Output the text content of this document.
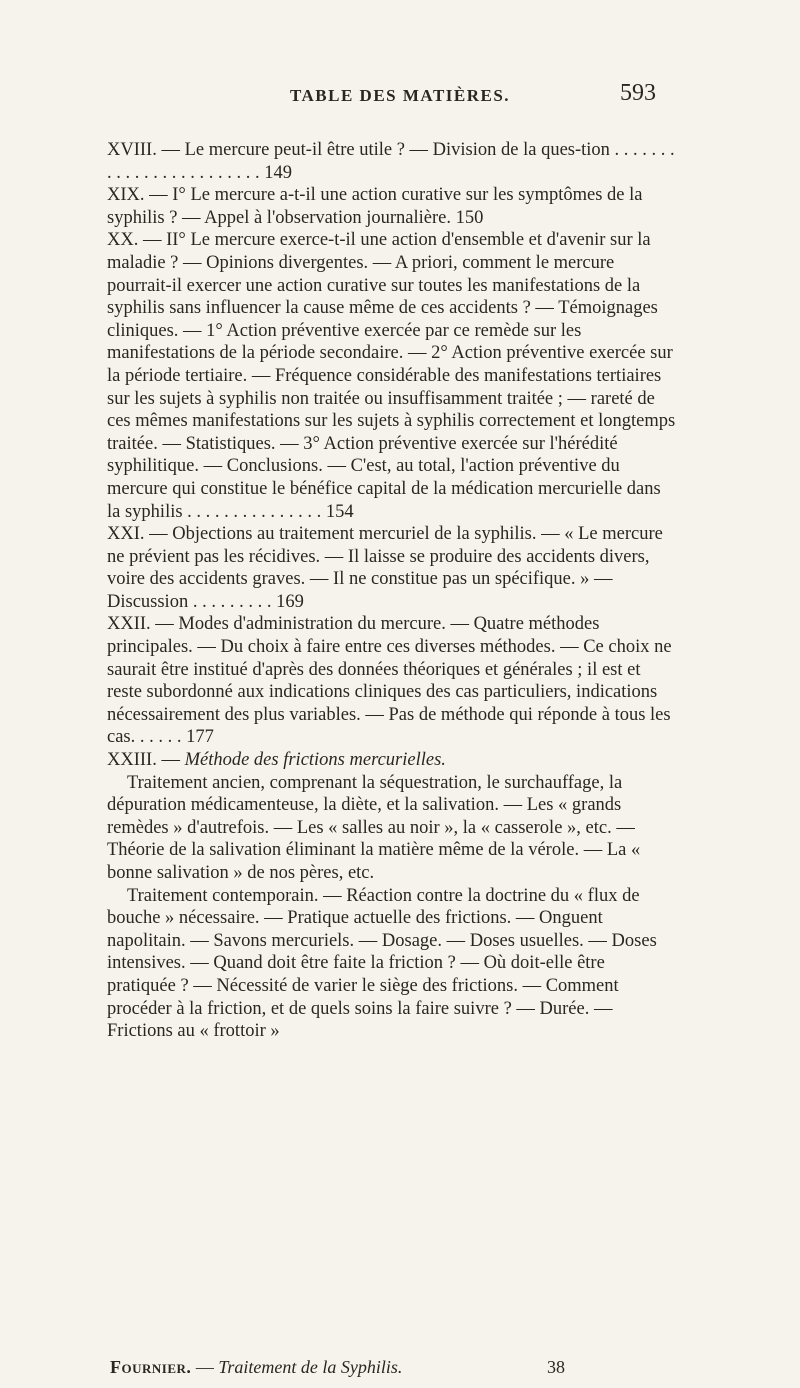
TABLE DES MATIÈRES.	593

XVIII. — Le mercure peut-il être utile ? — Division de la ques-tion . . . . . . . . . . . . . . . . . . . . . . . . 149

XIX. — I° Le mercure a-t-il une action curative sur les symptômes de la syphilis ? — Appel à l'observation journalière. 150

XX. — II° Le mercure exerce-t-il une action d'ensemble et d'avenir sur la maladie ? — Opinions divergentes. — A priori, comment le mercure pourrait-il exercer une action curative sur toutes les manifestations de la syphilis sans influencer la cause même de ces accidents ? — Témoignages cliniques. — 1° Action préventive exercée par ce remède sur les manifestations de la période secondaire. — 2° Action préventive exercée sur la période tertiaire. — Fréquence considérable des manifestations tertiaires sur les sujets à syphilis non traitée ou insuffisamment traitée ; — rareté de ces mêmes manifestations sur les sujets à syphilis correctement et longtemps traitée. — Statistiques. — 3° Action préventive exercée sur l'hérédité syphilitique. — Conclusions. — C'est, au total, l'action préventive du mercure qui constitue le bénéfice capital de la médication mercurielle dans la syphilis . . . . . . . . . . . . . . . 154

XXI. — Objections au traitement mercuriel de la syphilis. — « Le mercure ne prévient pas les récidives. — Il laisse se produire des accidents divers, voire des accidents graves. — Il ne constitue pas un spécifique. » — Discussion . . . . . . . . . 169

XXII. — Modes d'administration du mercure. — Quatre méthodes principales. — Du choix à faire entre ces diverses méthodes. — Ce choix ne saurait être institué d'après des données théoriques et générales ; il est et reste subordonné aux indications cliniques des cas particuliers, indications nécessairement des plus variables. — Pas de méthode qui réponde à tous les cas. . . . . . 177

XXIII. — Méthode des frictions mercurielles.

Traitement ancien, comprenant la séquestration, le surchauffage, la dépuration médicamenteuse, la diète, et la salivation. — Les « grands remèdes » d'autrefois. — Les « salles au noir », la « casserole », etc. — Théorie de la salivation éliminant la matière même de la vérole. — La « bonne salivation » de nos pères, etc.

Traitement contemporain. — Réaction contre la doctrine du « flux de bouche » nécessaire. — Pratique actuelle des frictions. — Onguent napolitain. — Savons mercuriels. — Dosage. — Doses usuelles. — Doses intensives. — Quand doit être faite la friction ? — Où doit-elle être pratiquée ? — Nécessité de varier le siège des frictions. — Comment procéder à la friction, et de quels soins la faire suivre ? — Durée. — Frictions au « frottoir »

Fournier. — Traitement de la Syphilis.	38
